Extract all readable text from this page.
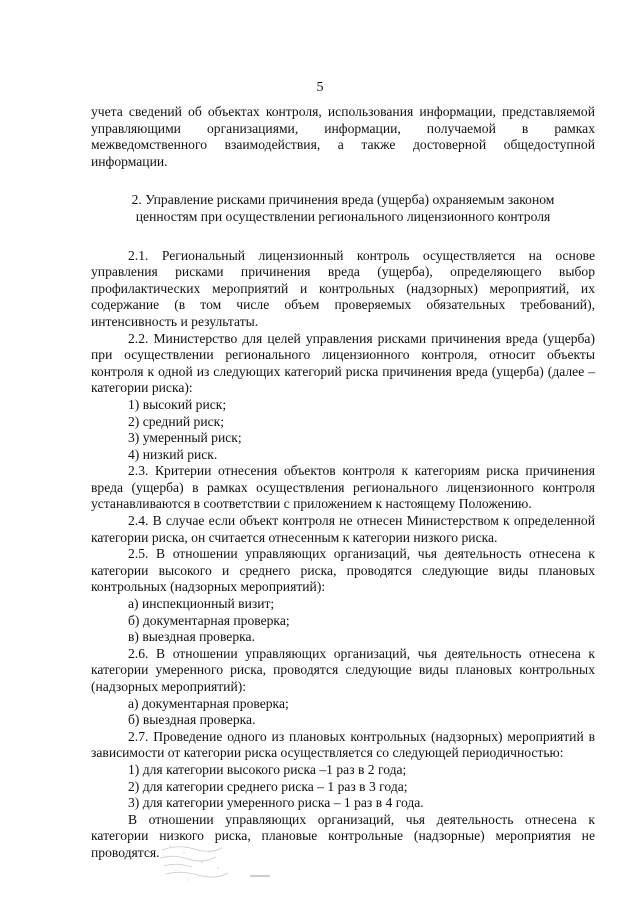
5

учета сведений об объектах контроля, использования информации, представляемой управляющими организациями, информации, получаемой в рамках межведомственного взаимодействия, а также достоверной общедоступной информации.

2. Управление рисками причинения вреда (ущерба) охраняемым законом ценностям при осуществлении регионального лицензионного контроля

2.1. Региональный лицензионный контроль осуществляется на основе управления рисками причинения вреда (ущерба), определяющего выбор профилактических мероприятий и контрольных (надзорных) мероприятий, их содержание (в том числе объем проверяемых обязательных требований), интенсивность и результаты.

2.2. Министерство для целей управления рисками причинения вреда (ущерба) при осуществлении регионального лицензионного контроля, относит объекты контроля к одной из следующих категорий риска причинения вреда (ущерба) (далее – категории риска):

1) высокий риск;

2) средний риск;

3) умеренный риск;

4) низкий риск.

2.3. Критерии отнесения объектов контроля к категориям риска причинения вреда (ущерба) в рамках осуществления регионального лицензионного контроля устанавливаются в соответствии с приложением к настоящему Положению.

2.4. В случае если объект контроля не отнесен Министерством к определенной категории риска, он считается отнесенным к категории низкого риска.

2.5. В отношении управляющих организаций, чья деятельность отнесена к категории высокого и среднего риска, проводятся следующие виды плановых контрольных (надзорных мероприятий):

а) инспекционный визит;

б) документарная проверка;

в) выездная проверка.

2.6. В отношении управляющих организаций, чья деятельность отнесена к категории умеренного риска, проводятся следующие виды плановых контрольных (надзорных мероприятий):

а) документарная проверка;

б) выездная проверка.

2.7. Проведение одного из плановых контрольных (надзорных) мероприятий в зависимости от категории риска осуществляется со следующей периодичностью:

1) для категории высокого риска –1 раз в 2 года;

2) для категории среднего риска – 1 раз в 3 года;

3) для категории умеренного риска – 1 раз в 4 года.

В отношении управляющих организаций, чья деятельность отнесена к категории низкого риска, плановые контрольные (надзорные) мероприятия не проводятся.
